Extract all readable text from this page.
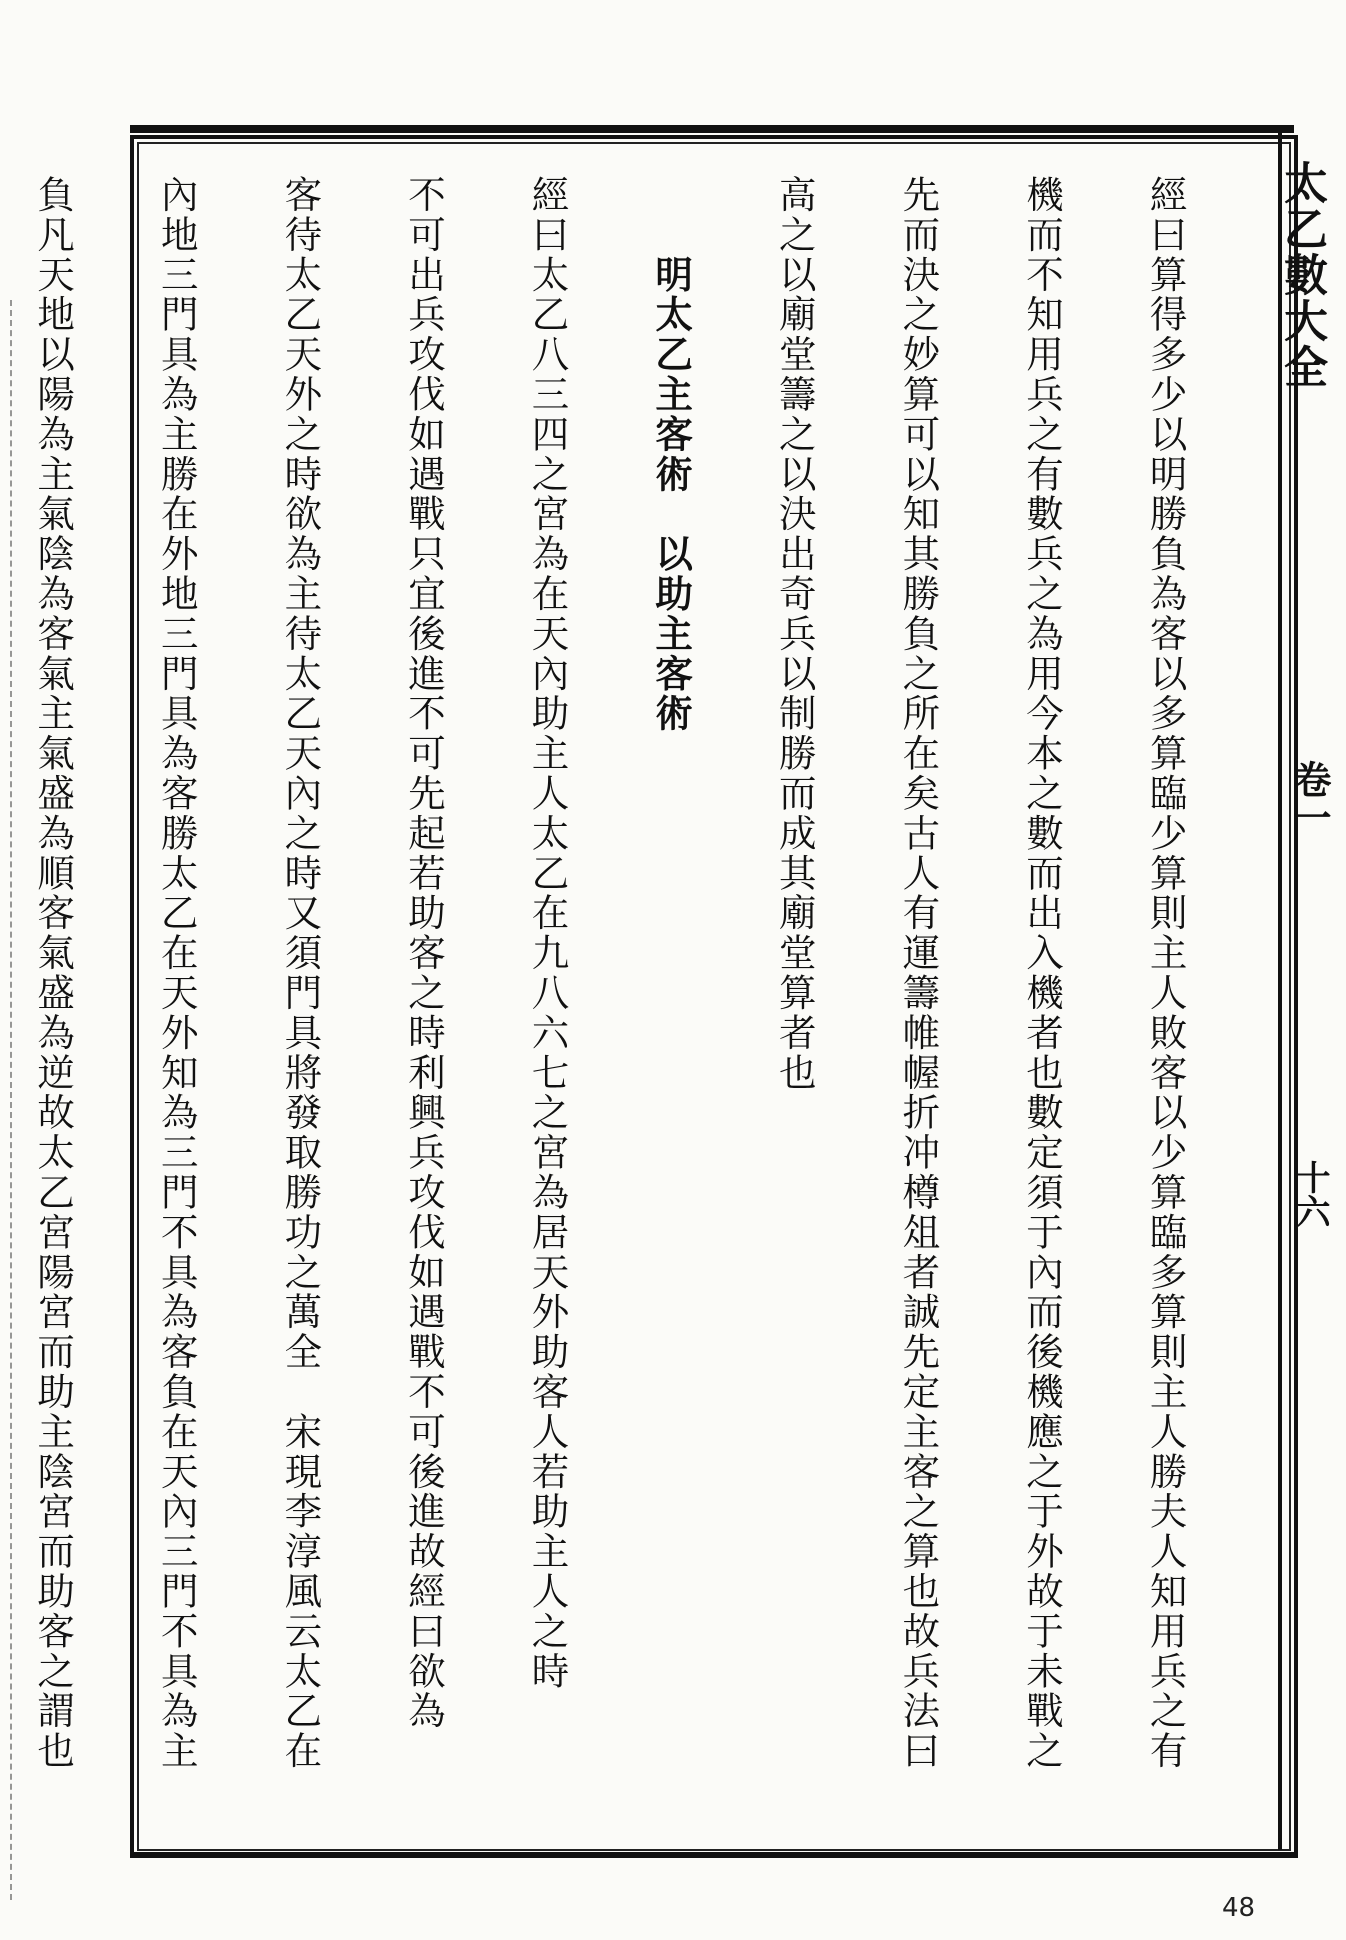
太乙數大全
卷一
十六

經曰算得多少以明勝負為客以多算臨少算則主人敗客以少算臨多算則主人勝夫人知用兵之有

機而不知用兵之有數兵之為用今本之數而出入機者也數定須于內而後機應之于外故于未戰之

先而決之妙算可以知其勝負之所在矣古人有運籌帷幄折冲樽俎者誠先定主客之算也故兵法曰

高之以廟堂籌之以決出奇兵以制勝而成其廟堂算者也

　　明太乙主客術　以助主客術

經曰太乙八三四之宮為在天內助主人太乙在九八六七之宮為居天外助客人若助主人之時

不可出兵攻伐如遇戰只宜後進不可先起若助客之時利興兵攻伐如遇戰不可後進故經曰欲為

客待太乙天外之時欲為主待太乙天內之時又須門具將發取勝功之萬全　宋現李淳風云太乙在

內地三門具為主勝在外地三門具為客勝太乙在天外知為三門不具為客負在天內三門不具為主

負凡天地以陽為主氣陰為客氣主氣盛為順客氣盛為逆故太乙宮陽宮而助主陰宮而助客之謂也

48
